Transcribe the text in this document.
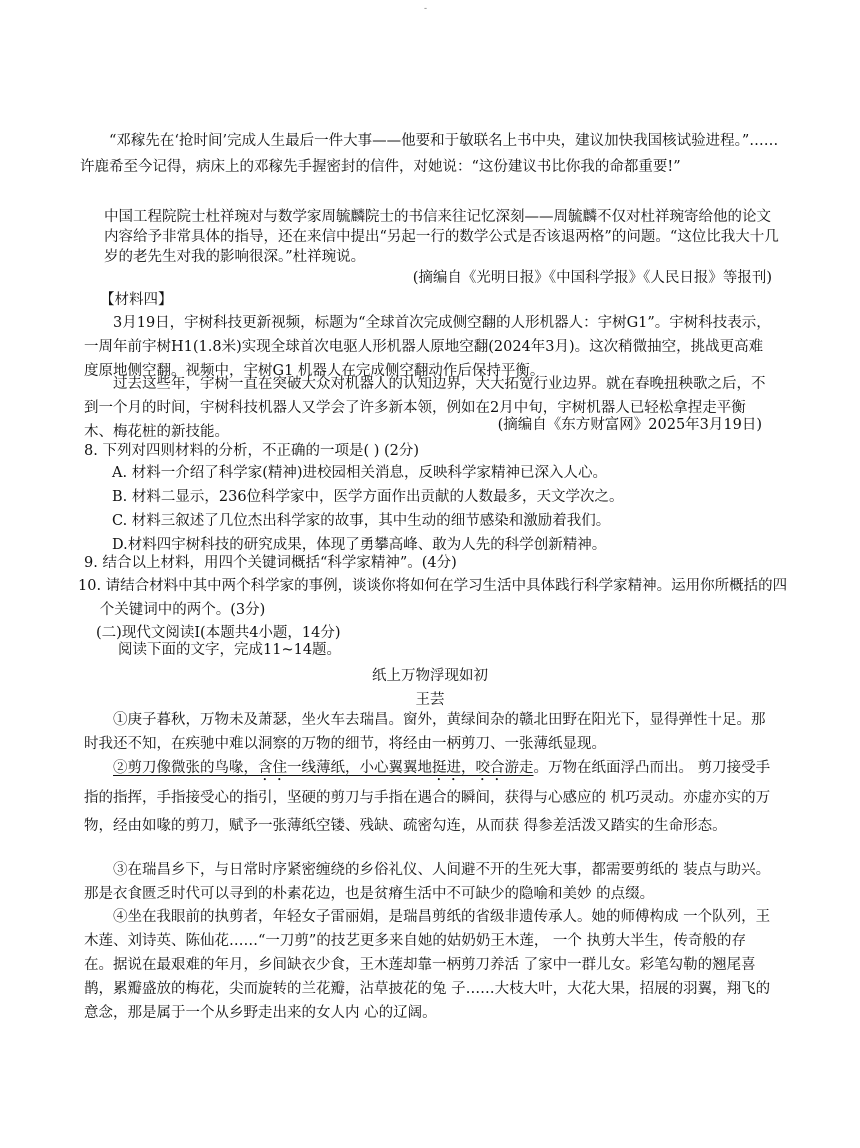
-
“邓稼先在‘抢时间’完成人生最后一件大事——他要和于敏联名上书中央，建议加快我国核试验进程。”……许鹿希至今记得，病床上的邓稼先手握密封的信件，对她说：“这份建议书比你我的命都重要!”
中国工程院院士杜祥琬对与数学家周毓麟院士的书信来往记忆深刻——周毓麟不仅对杜祥琬寄给他的论文内容给予非常具体的指导，还在来信中提出“另起一行的数学公式是否该退两格”的问题。“这位比我大十几岁的老先生对我的影响很深。”杜祥琬说。
(摘编自《光明日报》《中国科学报》《人民日报》等报刊)
【材料四】
3月19日，宇树科技更新视频，标题为“全球首次完成侧空翻的人形机器人：宇树G1”。宇树科技表示，一周年前宇树H1(1.8米)实现全球首次电驱人形机器人原地空翻(2024年3月)。这次稍微抽空，挑战更高难度原地侧空翻。视频中，宇树G1 机器人在完成侧空翻动作后保持平衡。
过去这些年，宇树一直在突破大众对机器人的认知边界，大大拓宽行业边界。就在春晚扭秧歌之后，不到一个月的时间，宇树科技机器人又学会了许多新本领，例如在2月中旬，宇树机器人已轻松拿捏走平衡木、梅花桩的新技能。	(摘编自《东方财富网》2025年3月19日)
8. 下列对四则材料的分析，不正确的一项是( ) (2分)
A. 材料一介绍了科学家(精神)进校园相关消息，反映科学家精神已深入人心。
B. 材料二显示，236位科学家中，医学方面作出贡献的人数最多，天文学次之。
C. 材料三叙述了几位杰出科学家的故事，其中生动的细节感染和激励着我们。
D.材料四宇树科技的研究成果，体现了勇攀高峰、敢为人先的科学创新精神。
9. 结合以上材料，用四个关键词概括“科学家精神”。(4分)
10. 请结合材料中其中两个科学家的事例，谈谈你将如何在学习生活中具体践行科学家精神。运用你所概括的四个关键词中的两个。(3分)
(二)现代文阅读Ⅰ(本题共4小题，14分)
阅读下面的文字，完成11~14题。
纸上万物浮现如初
王芸
①庚子暮秋，万物未及萧瑟，坐火车去瑞昌。窗外，黄绿间杂的赣北田野在阳光下，显得弹性十足。那时我还不知，在疾驰中难以洞察的万物的细节，将经由一柄剪刀、一张薄纸显现。
②剪刀像微张的鸟喙，含住一线薄纸，小心翼翼地挺进，咬合游走。万物在纸面浮凸而出。 剪刀接受手指的指挥，手指接受心的指引，坚硬的剪刀与手指在遇合的瞬间，获得与心感应的 机巧灵动。亦虚亦实的万物，经由如喙的剪刀，赋予一张薄纸空镂、残缺、疏密勾连，从而获 得参差活泼又踏实的生命形态。
③在瑞昌乡下，与日常时序紧密缠绕的乡俗礼仪、人间避不开的生死大事，都需要剪纸的 装点与助兴。那是衣食匮乏时代可以寻到的朴素花边，也是贫瘠生活中不可缺少的隐喻和美妙 的点缀。
④坐在我眼前的执剪者，年轻女子雷丽娟，是瑞昌剪纸的省级非遗传承人。她的师傅构成 一个队列，王木莲、刘诗英、陈仙花……“一刀剪”的技艺更多来自她的姑奶奶王木莲， 一个 执剪大半生，传奇般的存在。据说在最艰难的年月，乡间缺衣少食，王木莲却靠一柄剪刀养活 了家中一群儿女。彩笔勾勒的翘尾喜鹊，累瓣盛放的梅花，尖而旋转的兰花瓣，沾草披花的兔 子……大枝大叶，大花大果，招展的羽翼，翔飞的意念，那是属于一个从乡野走出来的女人内 心的辽阔。
